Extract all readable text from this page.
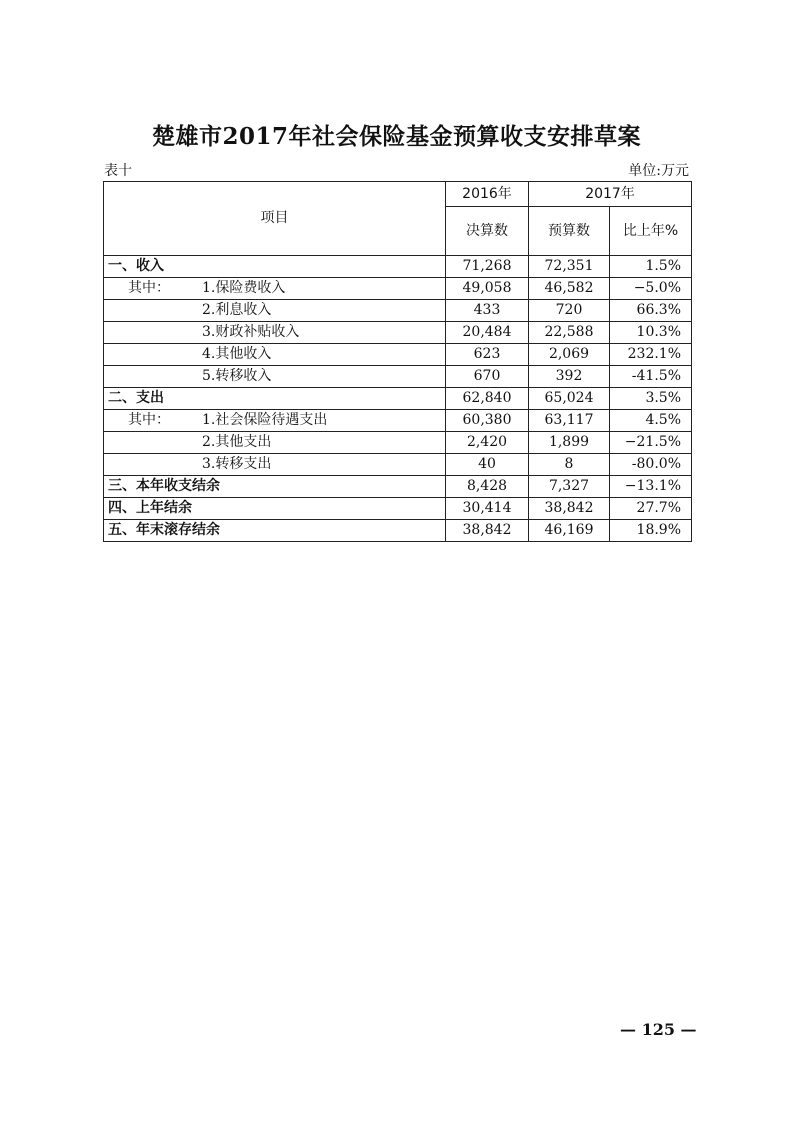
楚雄市2017年社会保险基金预算收支安排草案
表十	单位:万元
项目	2016年	2017年	
	决算数	预算数	比上年%
一、收入	71,268	72,351	1.5%
其中： 1.保险费收入	49,058	46,582	−5.0%
2.利息收入	433	720	66.3%
3.财政补贴收入	20,484	22,588	10.3%
4.其他收入	623	2,069	232.1%
5.转移收入	670	392	-41.5%
二、支出	62,840	65,024	3.5%
其中： 1.社会保险待遇支出	60,380	63,117	4.5%
2.其他支出	2,420	1,899	−21.5%
3.转移支出	40	8	-80.0%
三、本年收支结余	8,428	7,327	−13.1%
四、上年结余	30,414	38,842	27.7%
五、年末滚存结余	38,842	46,169	18.9%
— 125 —
